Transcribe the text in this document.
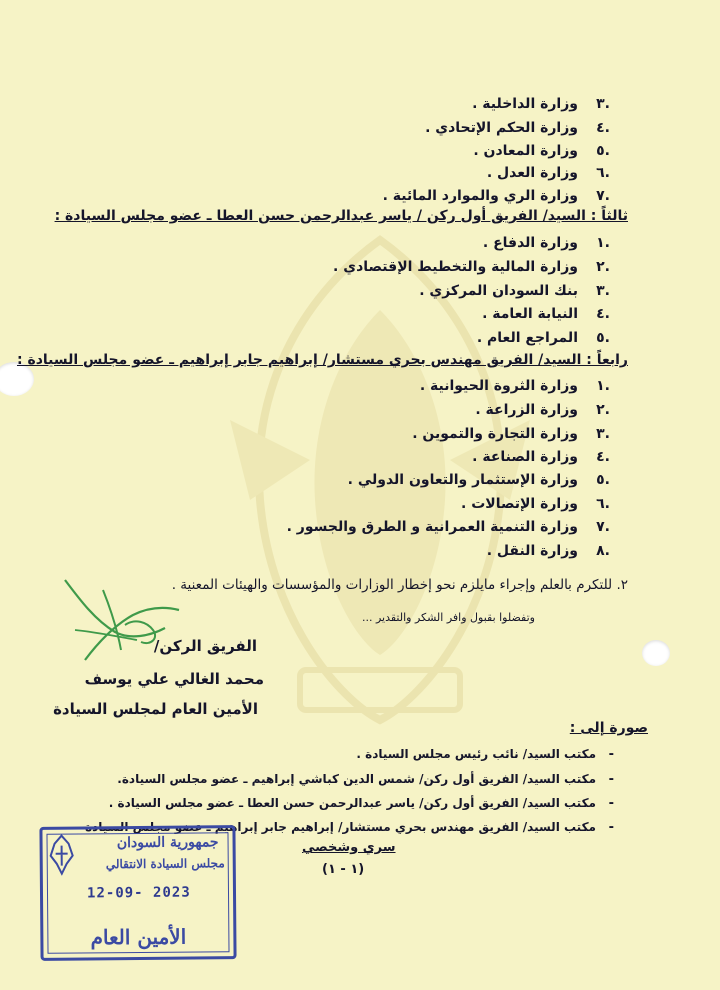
.٣وزارة الداخلية .
.٤وزارة الحكم الإتحادي .
.٥وزارة المعادن .
.٦وزارة العدل .
.٧وزارة الري والموارد المائية .
ثالثاً : السيد/ الفريق أول ركن / ياسر عبدالرحمن حسن العطا ـ عضو مجلس السيادة :
.١وزارة الدفاع .
.٢وزارة المالية والتخطيط الإقتصادي .
.٣بنك السودان المركزي .
.٤النيابة العامة .
.٥المراجع العام .
رابعاً : السيد/ الفريق مهندس بحري مستشار/ إبراهيم جابر إبراهيم ـ عضو مجلس السيادة :
.١وزارة الثروة الحيوانية .
.٢وزارة الزراعة .
.٣وزارة التجارة والتموين .
.٤وزارة الصناعة .
.٥وزارة الإستثمار والتعاون الدولي .
.٦وزارة الإتصالات .
.٧وزارة التنمية العمرانية و الطرق والجسور .
.٨وزارة النقل .
٢. للتكرم بالعلم وإجراء مايلزم نحو إخطار الوزارات والمؤسسات والهيئات المعنية .
وتفضلوا بقبول وافر الشكر والتقدير ...
الفريق الركن/
محمد الغالي علي يوسف
الأمين العام لمجلس السيادة
صورة إلى :
-
مكتب السيد/ نائب رئيس مجلس السيادة .
-
مكتب السيد/ الفريق أول ركن/ شمس الدين كباشي إبراهيم ـ عضو مجلس السيادة.
-
مكتب السيد/ الفريق أول ركن/ ياسر عبدالرحمن حسن العطا ـ عضو مجلس السيادة .
-
مكتب السيد/ الفريق مهندس بحري مستشار/ إبراهيم جابر إبراهيم ـ عضو مجلس السيادة
سري وشخصي
(١ - ١)
جمهورية السودان
مجلس السيادة الانتقالي
12-09- 2023
الأمين العام
